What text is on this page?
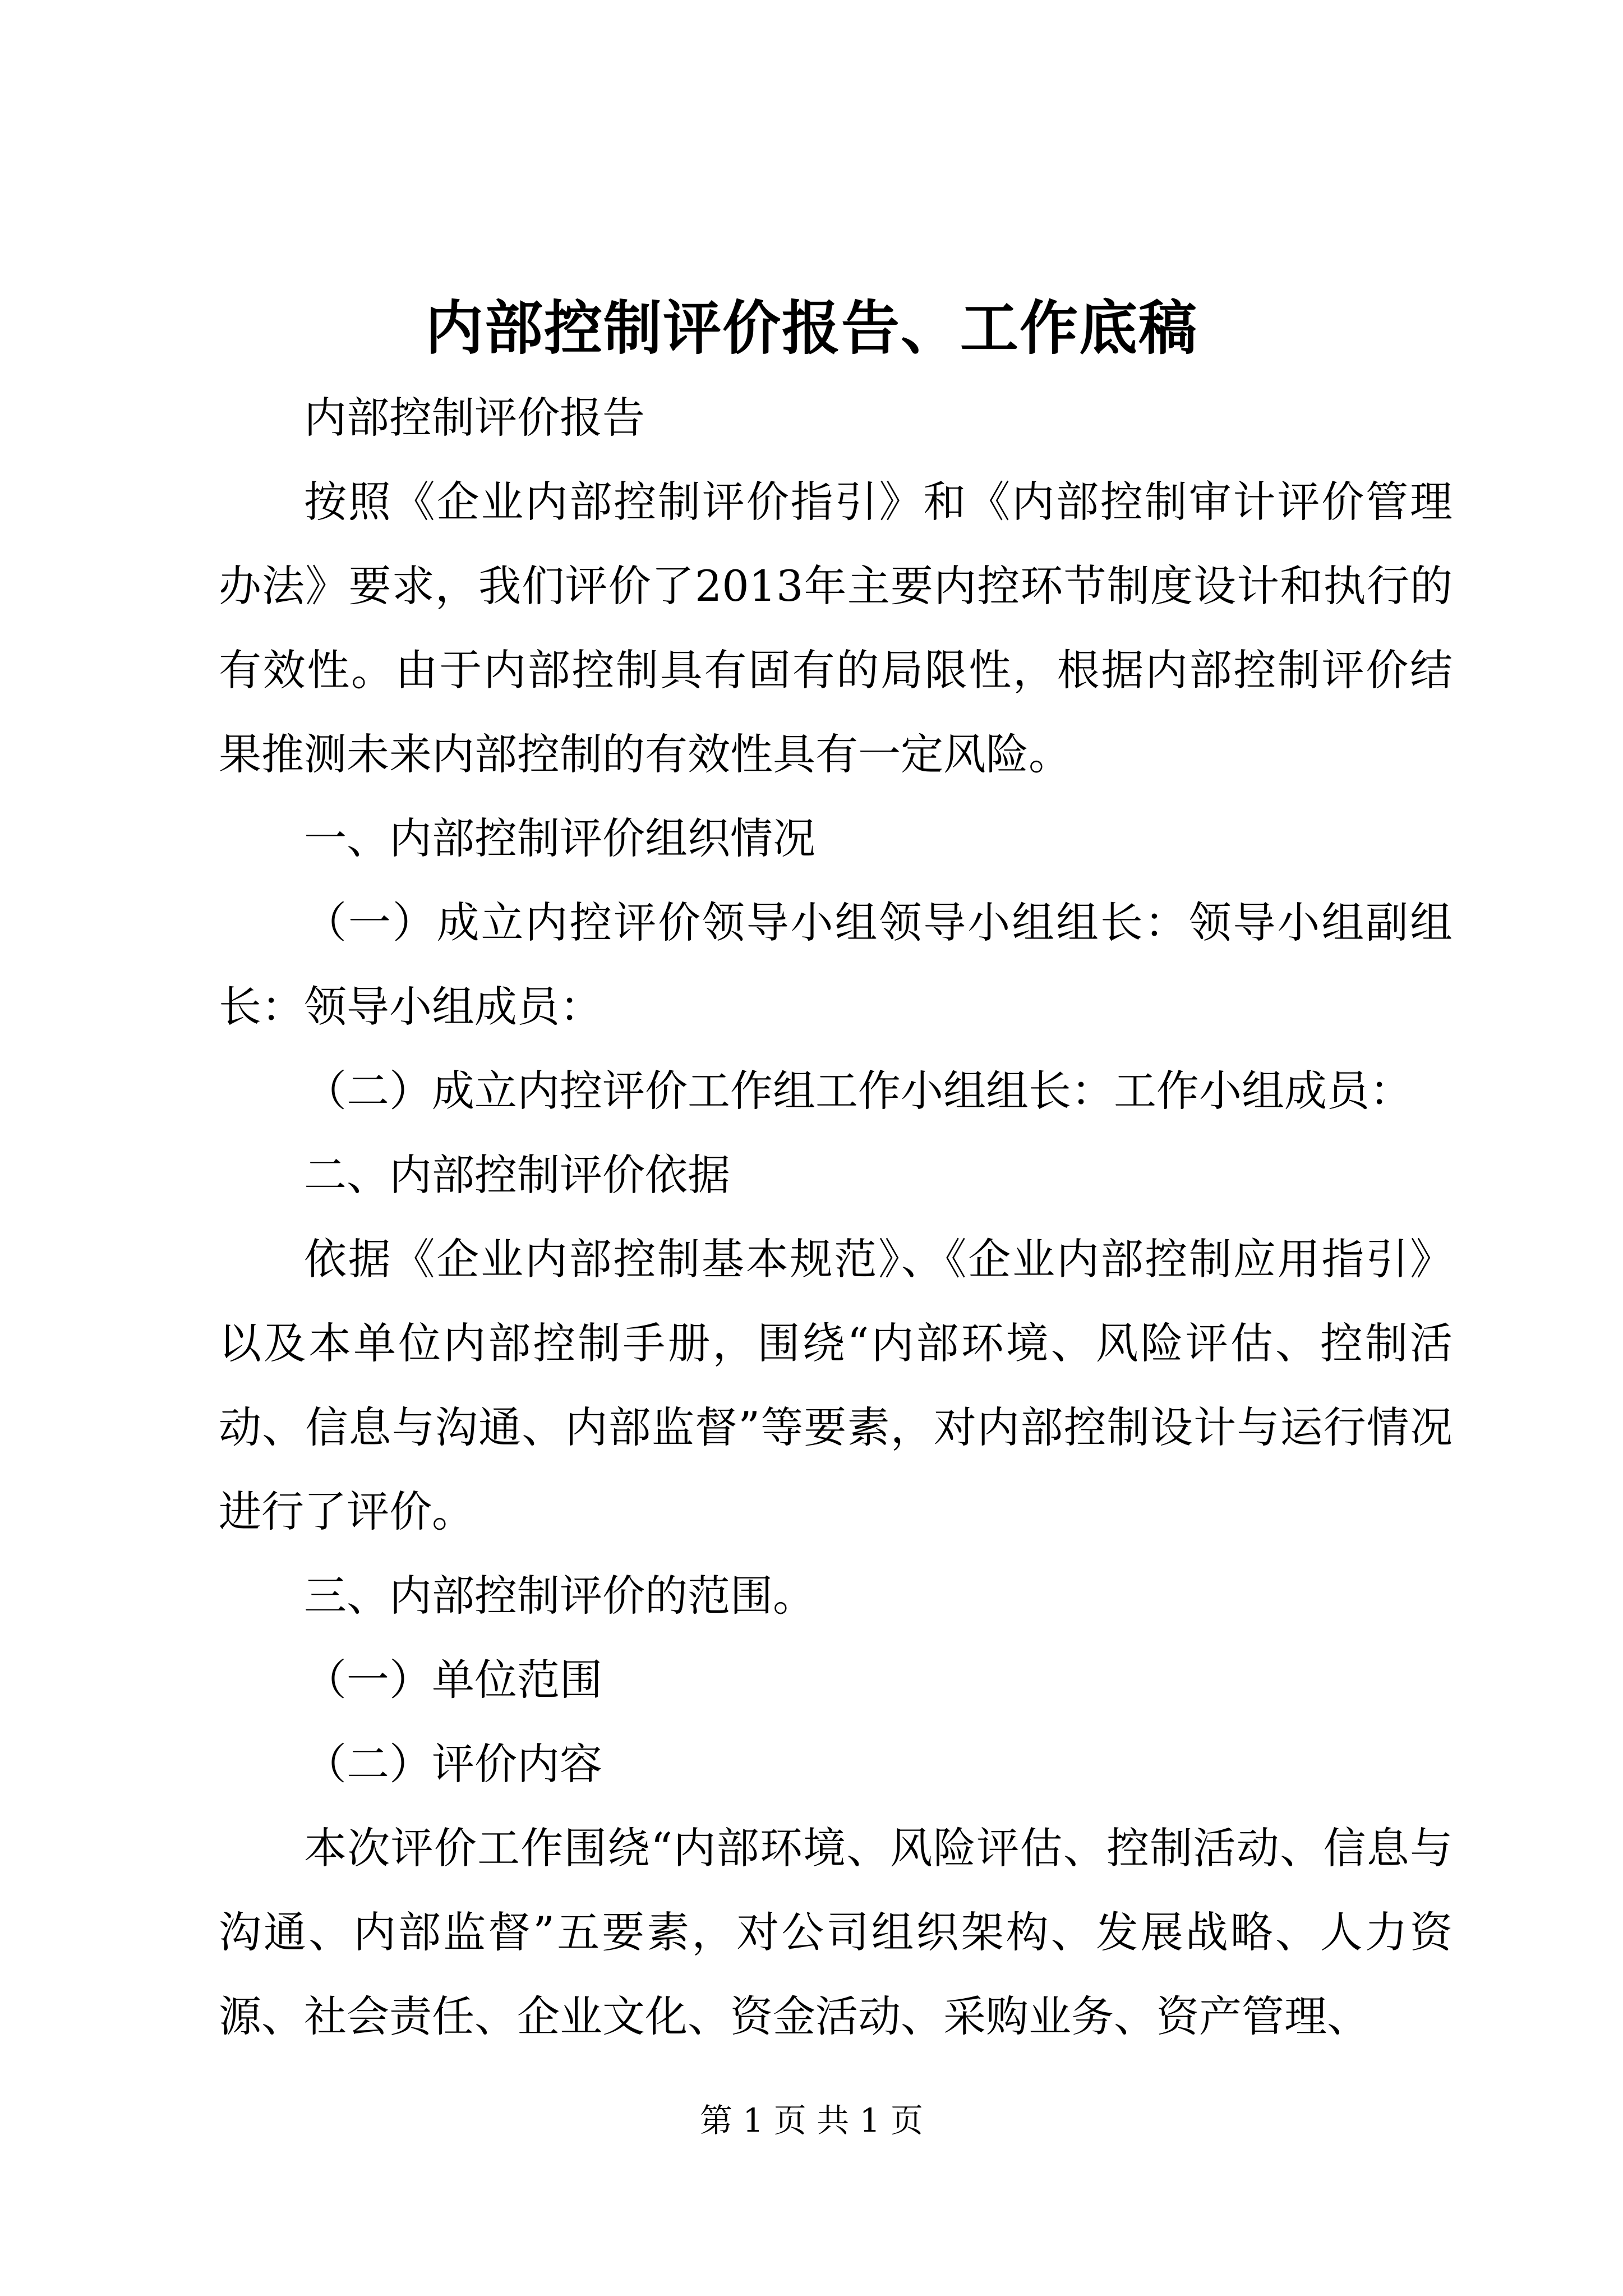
内部控制评价报告、工作底稿

内部控制评价报告

按照《企业内部控制评价指引》和《内部控制审计评价管理办法》要求，我们评价了2013年主要内控环节制度设计和执行的有效性。由于内部控制具有固有的局限性，根据内部控制评价结果推测未来内部控制的有效性具有一定风险。

一、内部控制评价组织情况

（一）成立内控评价领导小组领导小组组长：领导小组副组长：领导小组成员：

（二）成立内控评价工作组工作小组组长：工作小组成员：

二、内部控制评价依据

依据《企业内部控制基本规范》、《企业内部控制应用指引》以及本单位内部控制手册，围绕“内部环境、风险评估、控制活动、信息与沟通、内部监督”等要素，对内部控制设计与运行情况进行了评价。

三、内部控制评价的范围。

（一）单位范围

（二）评价内容

本次评价工作围绕“内部环境、风险评估、控制活动、信息与沟通、内部监督”五要素，对公司组织架构、发展战略、人力资源、社会责任、企业文化、资金活动、采购业务、资产管理、

第 1 页 共 1 页
